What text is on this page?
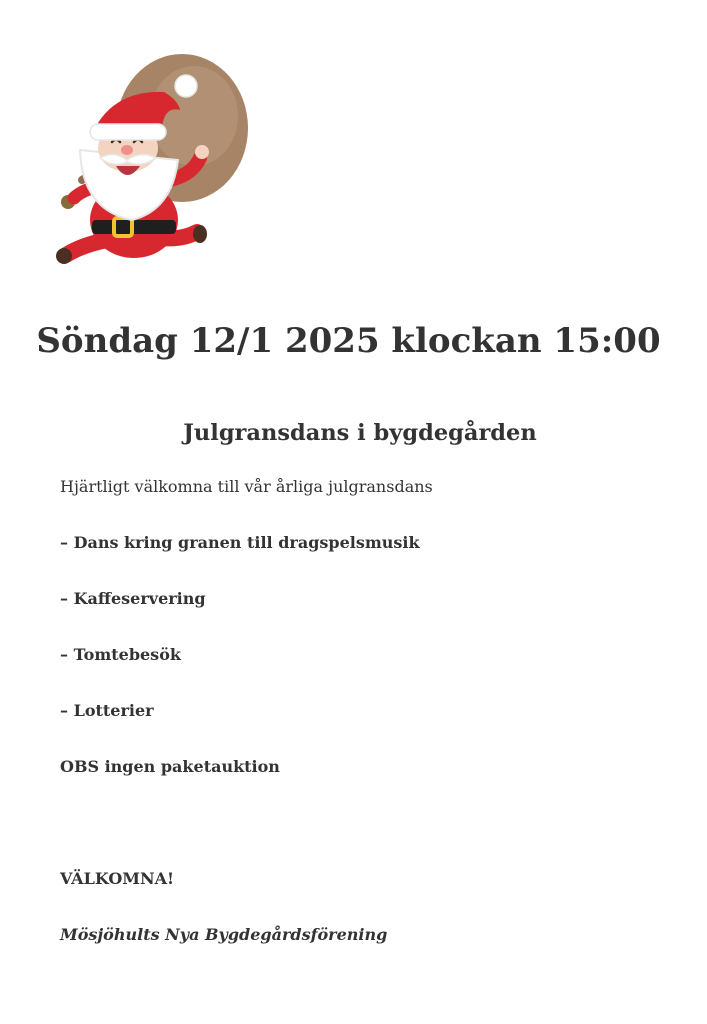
Söndag 12/1 2025 klockan 15:00
Julgransdans i bygdegården

Hjärtligt välkomna till vår årliga julgransdans

– Dans kring granen till dragspelsmusik

– Kaffeservering

– Tomtebesök

– Lotterier

OBS ingen paketauktion

VÄLKOMNA!

Mösjöhults Nya Bygdegårdsförening
